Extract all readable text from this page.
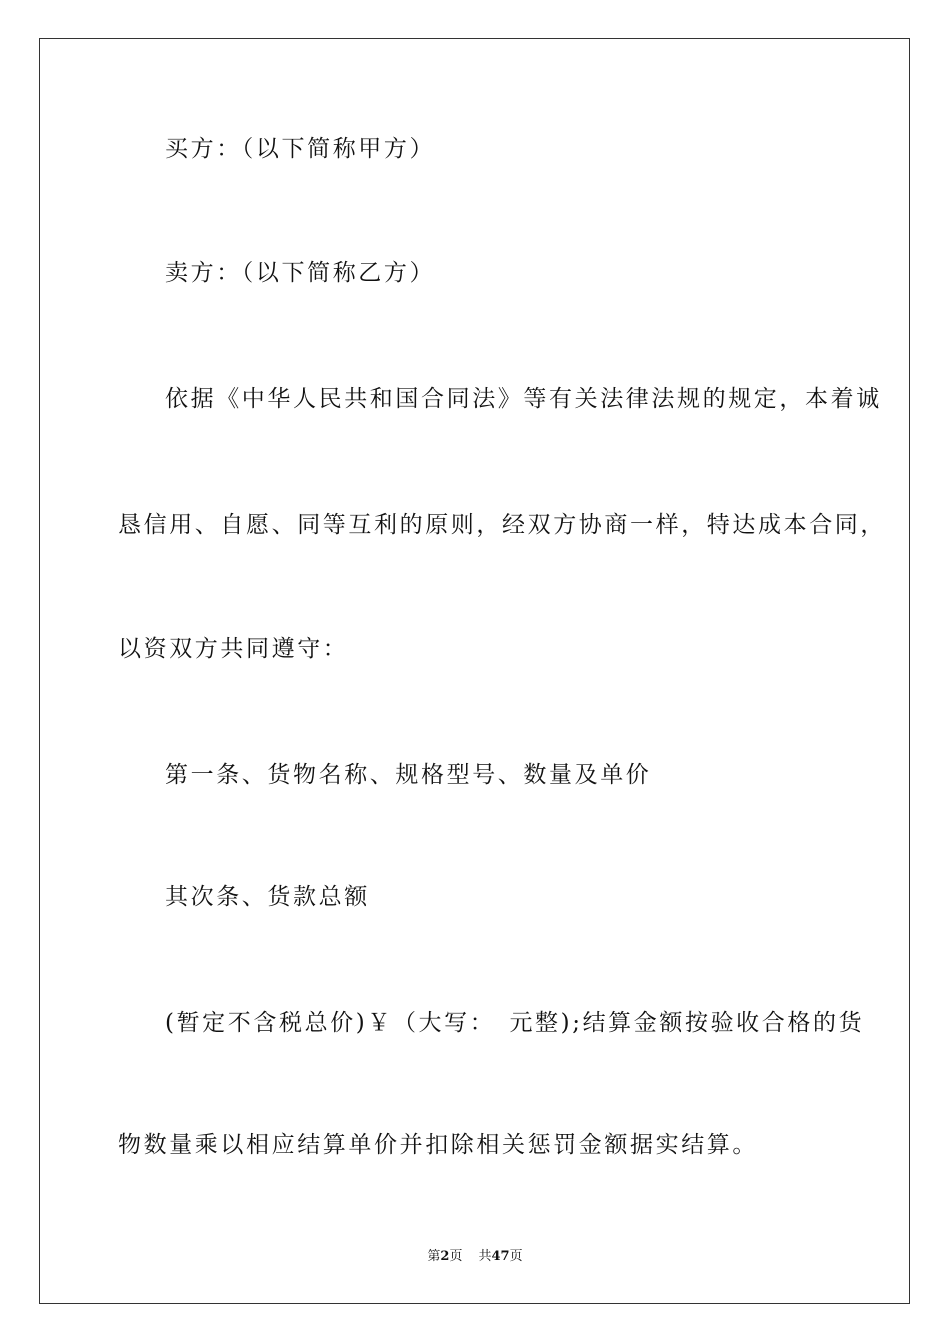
买方：（以下简称甲方）
卖方：（以下简称乙方）
依据《中华人民共和国合同法》等有关法律法规的规定，本着诚
恳信用、自愿、同等互利的原则，经双方协商一样，特达成本合同，
以资双方共同遵守：
第一条、货物名称、规格型号、数量及单价
其次条、货款总额
(暂定不含税总价)￥（大写：　元整);结算金额按验收合格的货
物数量乘以相应结算单价并扣除相关惩罚金额据实结算。
第2页 共47页
